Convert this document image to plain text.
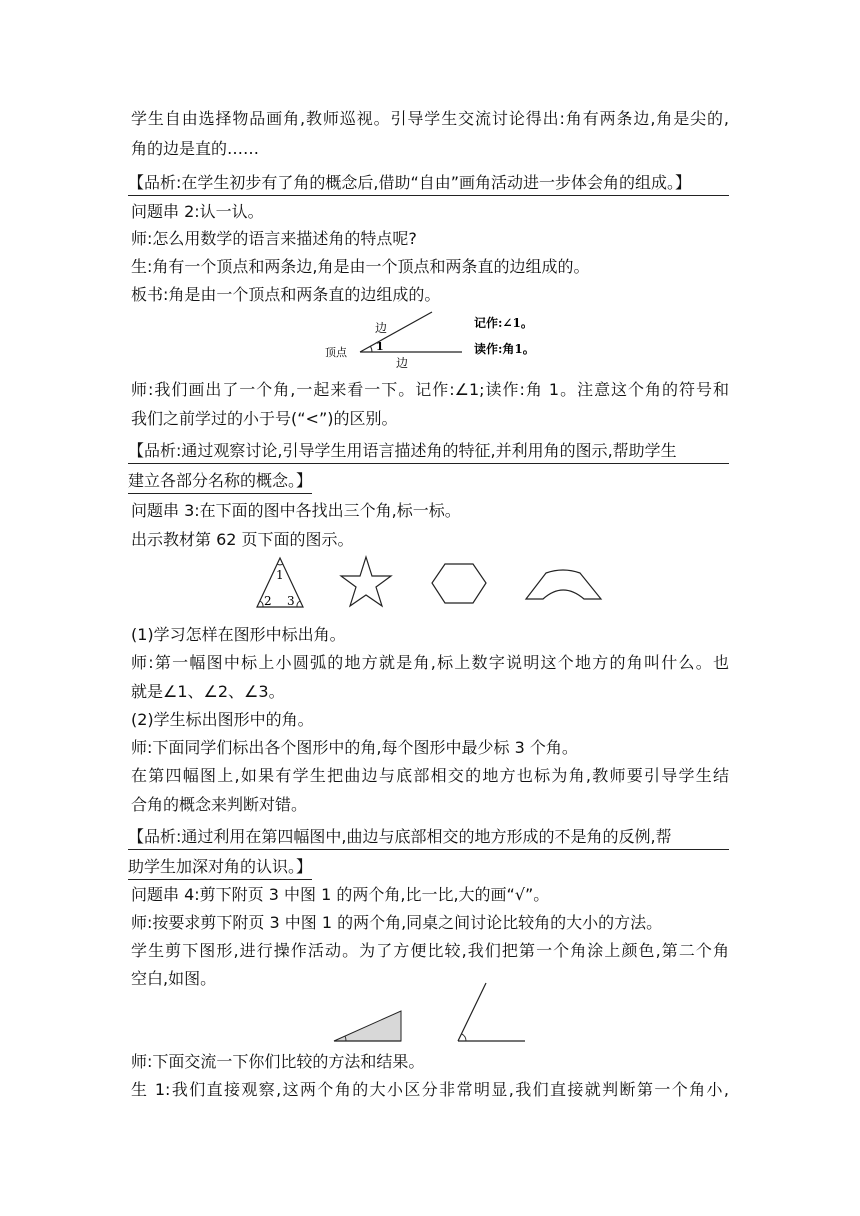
学生自由选择物品画角,教师巡视。引导学生交流讨论得出:角有两条边,角是尖的,
角的边是直的……
【品析:在学生初步有了角的概念后,借助“自由”画角活动进一步体会角的组成。】
问题串 2:认一认。
师:怎么用数学的语言来描述角的特点呢?
生:角有一个顶点和两条边,角是由一个顶点和两条直的边组成的。
板书:角是由一个顶点和两条直的边组成的。
边
边
顶点	1
记作:∠1。
读作:角1。
师:我们画出了一个角,一起来看一下。记作:∠1;读作:角 1。注意这个角的符号和
我们之前学过的小于号(“<”)的区别。
【品析:通过观察讨论,引导学生用语言描述角的特征,并利用角的图示,帮助学生
建立各部分名称的概念。】
问题串 3:在下面的图中各找出三个角,标一标。
出示教材第 62 页下面的图示。
1
2 3
(1)学习怎样在图形中标出角。
师:第一幅图中标上小圆弧的地方就是角,标上数字说明这个地方的角叫什么。也
就是∠1、∠2、∠3。
(2)学生标出图形中的角。
师:下面同学们标出各个图形中的角,每个图形中最少标 3 个角。
在第四幅图上,如果有学生把曲边与底部相交的地方也标为角,教师要引导学生结
合角的概念来判断对错。
【品析:通过利用在第四幅图中,曲边与底部相交的地方形成的不是角的反例,帮
助学生加深对角的认识。】
问题串 4:剪下附页 3 中图 1 的两个角,比一比,大的画“√”。
师:按要求剪下附页 3 中图 1 的两个角,同桌之间讨论比较角的大小的方法。
学生剪下图形,进行操作活动。为了方便比较,我们把第一个角涂上颜色,第二个角
空白,如图。
师:下面交流一下你们比较的方法和结果。
生 1:我们直接观察,这两个角的大小区分非常明显,我们直接就判断第一个角小,
